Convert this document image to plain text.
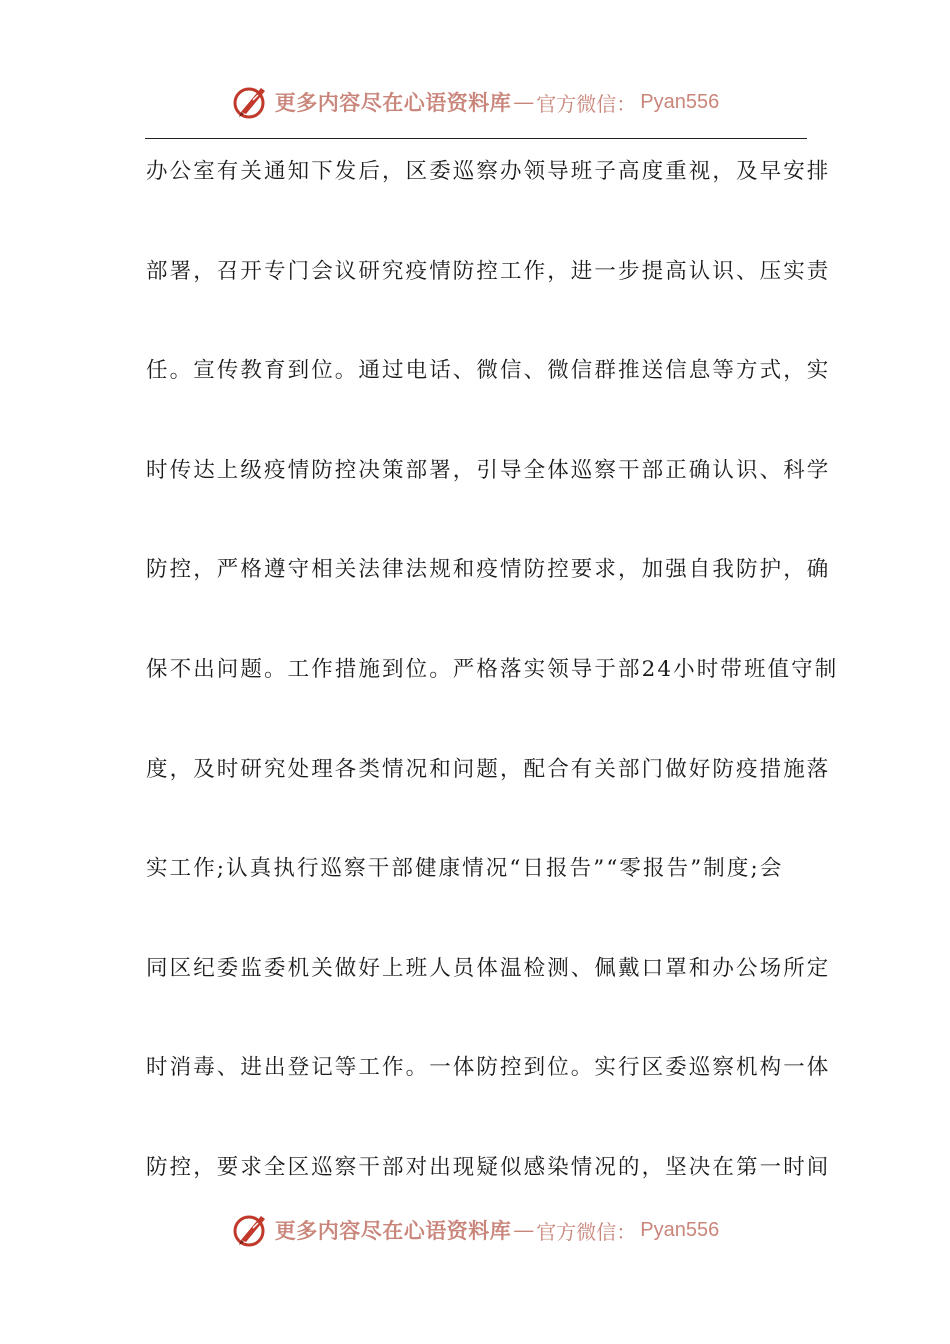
更多内容尽在心语资料库 — 官方微信： Pyan556
办公室有关通知下发后，区委巡察办领导班子高度重视，及早安排
部署，召开专门会议研究疫情防控工作，进一步提高认识、压实责
任。宣传教育到位。通过电话、微信、微信群推送信息等方式，实
时传达上级疫情防控决策部署，引导全体巡察干部正确认识、科学
防控，严格遵守相关法律法规和疫情防控要求，加强自我防护，确
保不出问题。工作措施到位。严格落实领导于部24小时带班值守制
度，及时研究处理各类情况和问题，配合有关部门做好防疫措施落
实工作;认真执行巡察干部健康情况“日报告”“零报告”制度;会
同区纪委监委机关做好上班人员体温检测、佩戴口罩和办公场所定
时消毒、进出登记等工作。一体防控到位。实行区委巡察机构一体
防控，要求全区巡察干部对出现疑似感染情况的，坚决在第一时间
更多内容尽在心语资料库 — 官方微信： Pyan556
